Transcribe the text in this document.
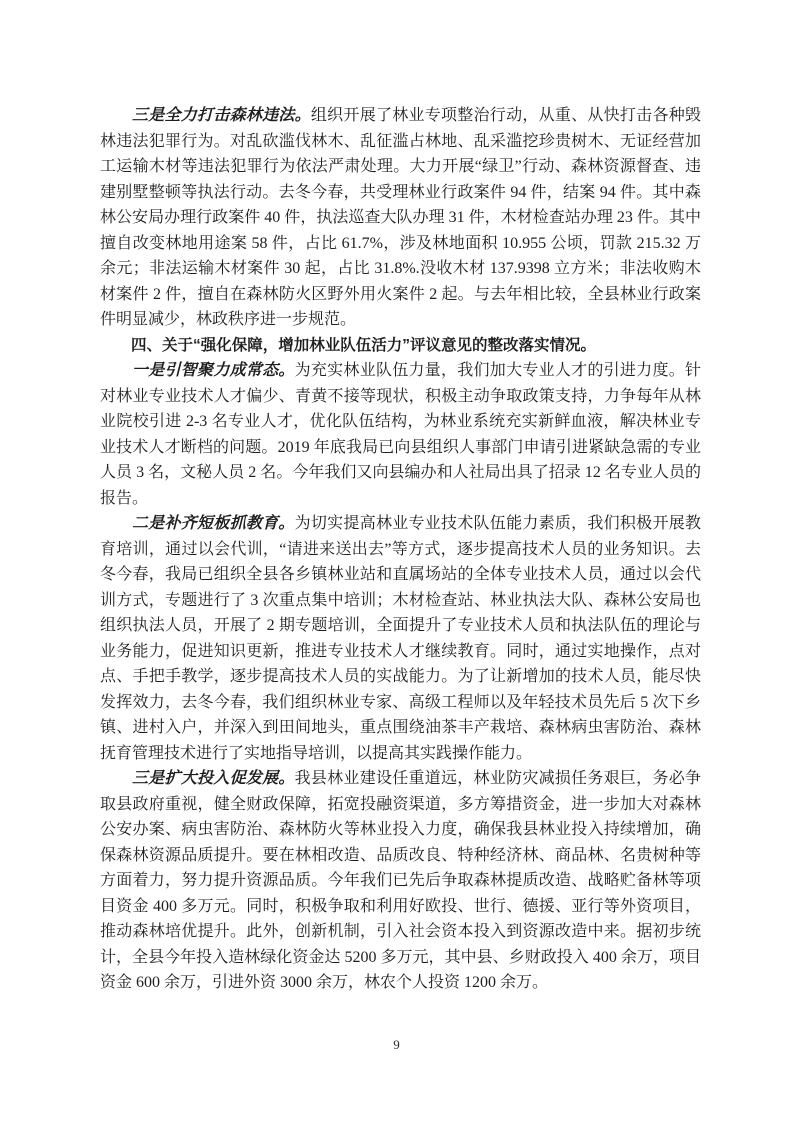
三是全力打击森林违法。组织开展了林业专项整治行动，从重、从快打击各种毁林违法犯罪行为。对乱砍滥伐林木、乱征滥占林地、乱采滥挖珍贵树木、无证经营加工运输木材等违法犯罪行为依法严肃处理。大力开展“绿卫”行动、森林资源督查、违建别墅整顿等执法行动。去冬今春，共受理林业行政案件 94 件，结案 94 件。其中森林公安局办理行政案件 40 件，执法巡查大队办理 31 件，木材检查站办理 23 件。其中擅自改变林地用途案 58 件，占比 61.7%，涉及林地面积 10.955 公顷，罚款 215.32 万余元；非法运输木材案件 30 起，占比 31.8%.没收木材 137.9398 立方米；非法收购木材案件 2 件，擅自在森林防火区野外用火案件 2 起。与去年相比较，全县林业行政案件明显减少，林政秩序进一步规范。

四、关于“强化保障，增加林业队伍活力”评议意见的整改落实情况。

一是引智聚力成常态。为充实林业队伍力量，我们加大专业人才的引进力度。针对林业专业技术人才偏少、青黄不接等现状，积极主动争取政策支持，力争每年从林业院校引进 2-3 名专业人才，优化队伍结构，为林业系统充实新鲜血液，解决林业专业技术人才断档的问题。2019 年底我局已向县组织人事部门申请引进紧缺急需的专业人员 3 名，文秘人员 2 名。今年我们又向县编办和人社局出具了招录 12 名专业人员的报告。

二是补齐短板抓教育。为切实提高林业专业技术队伍能力素质，我们积极开展教育培训，通过以会代训，“请进来送出去”等方式，逐步提高技术人员的业务知识。去冬今春，我局已组织全县各乡镇林业站和直属场站的全体专业技术人员，通过以会代训方式，专题进行了 3 次重点集中培训；木材检查站、林业执法大队、森林公安局也组织执法人员，开展了 2 期专题培训，全面提升了专业技术人员和执法队伍的理论与业务能力，促进知识更新，推进专业技术人才继续教育。同时，通过实地操作，点对点、手把手教学，逐步提高技术人员的实战能力。为了让新增加的技术人员，能尽快发挥效力，去冬今春，我们组织林业专家、高级工程师以及年轻技术员先后 5 次下乡镇、进村入户，并深入到田间地头，重点围绕油茶丰产栽培、森林病虫害防治、森林抚育管理技术进行了实地指导培训，以提高其实践操作能力。

三是扩大投入促发展。我县林业建设任重道远，林业防灾减损任务艰巨，务必争取县政府重视，健全财政保障，拓宽投融资渠道，多方筹措资金，进一步加大对森林公安办案、病虫害防治、森林防火等林业投入力度，确保我县林业投入持续增加，确保森林资源品质提升。要在林相改造、品质改良、特种经济林、商品林、名贵树种等方面着力，努力提升资源品质。今年我们已先后争取森林提质改造、战略贮备林等项目资金 400 多万元。同时，积极争取和利用好欧投、世行、德援、亚行等外资项目，推动森林培优提升。此外，创新机制，引入社会资本投入到资源改造中来。据初步统计，全县今年投入造林绿化资金达 5200 多万元，其中县、乡财政投入 400 余万，项目资金 600 余万，引进外资 3000 余万，林农个人投资 1200 余万。

9
